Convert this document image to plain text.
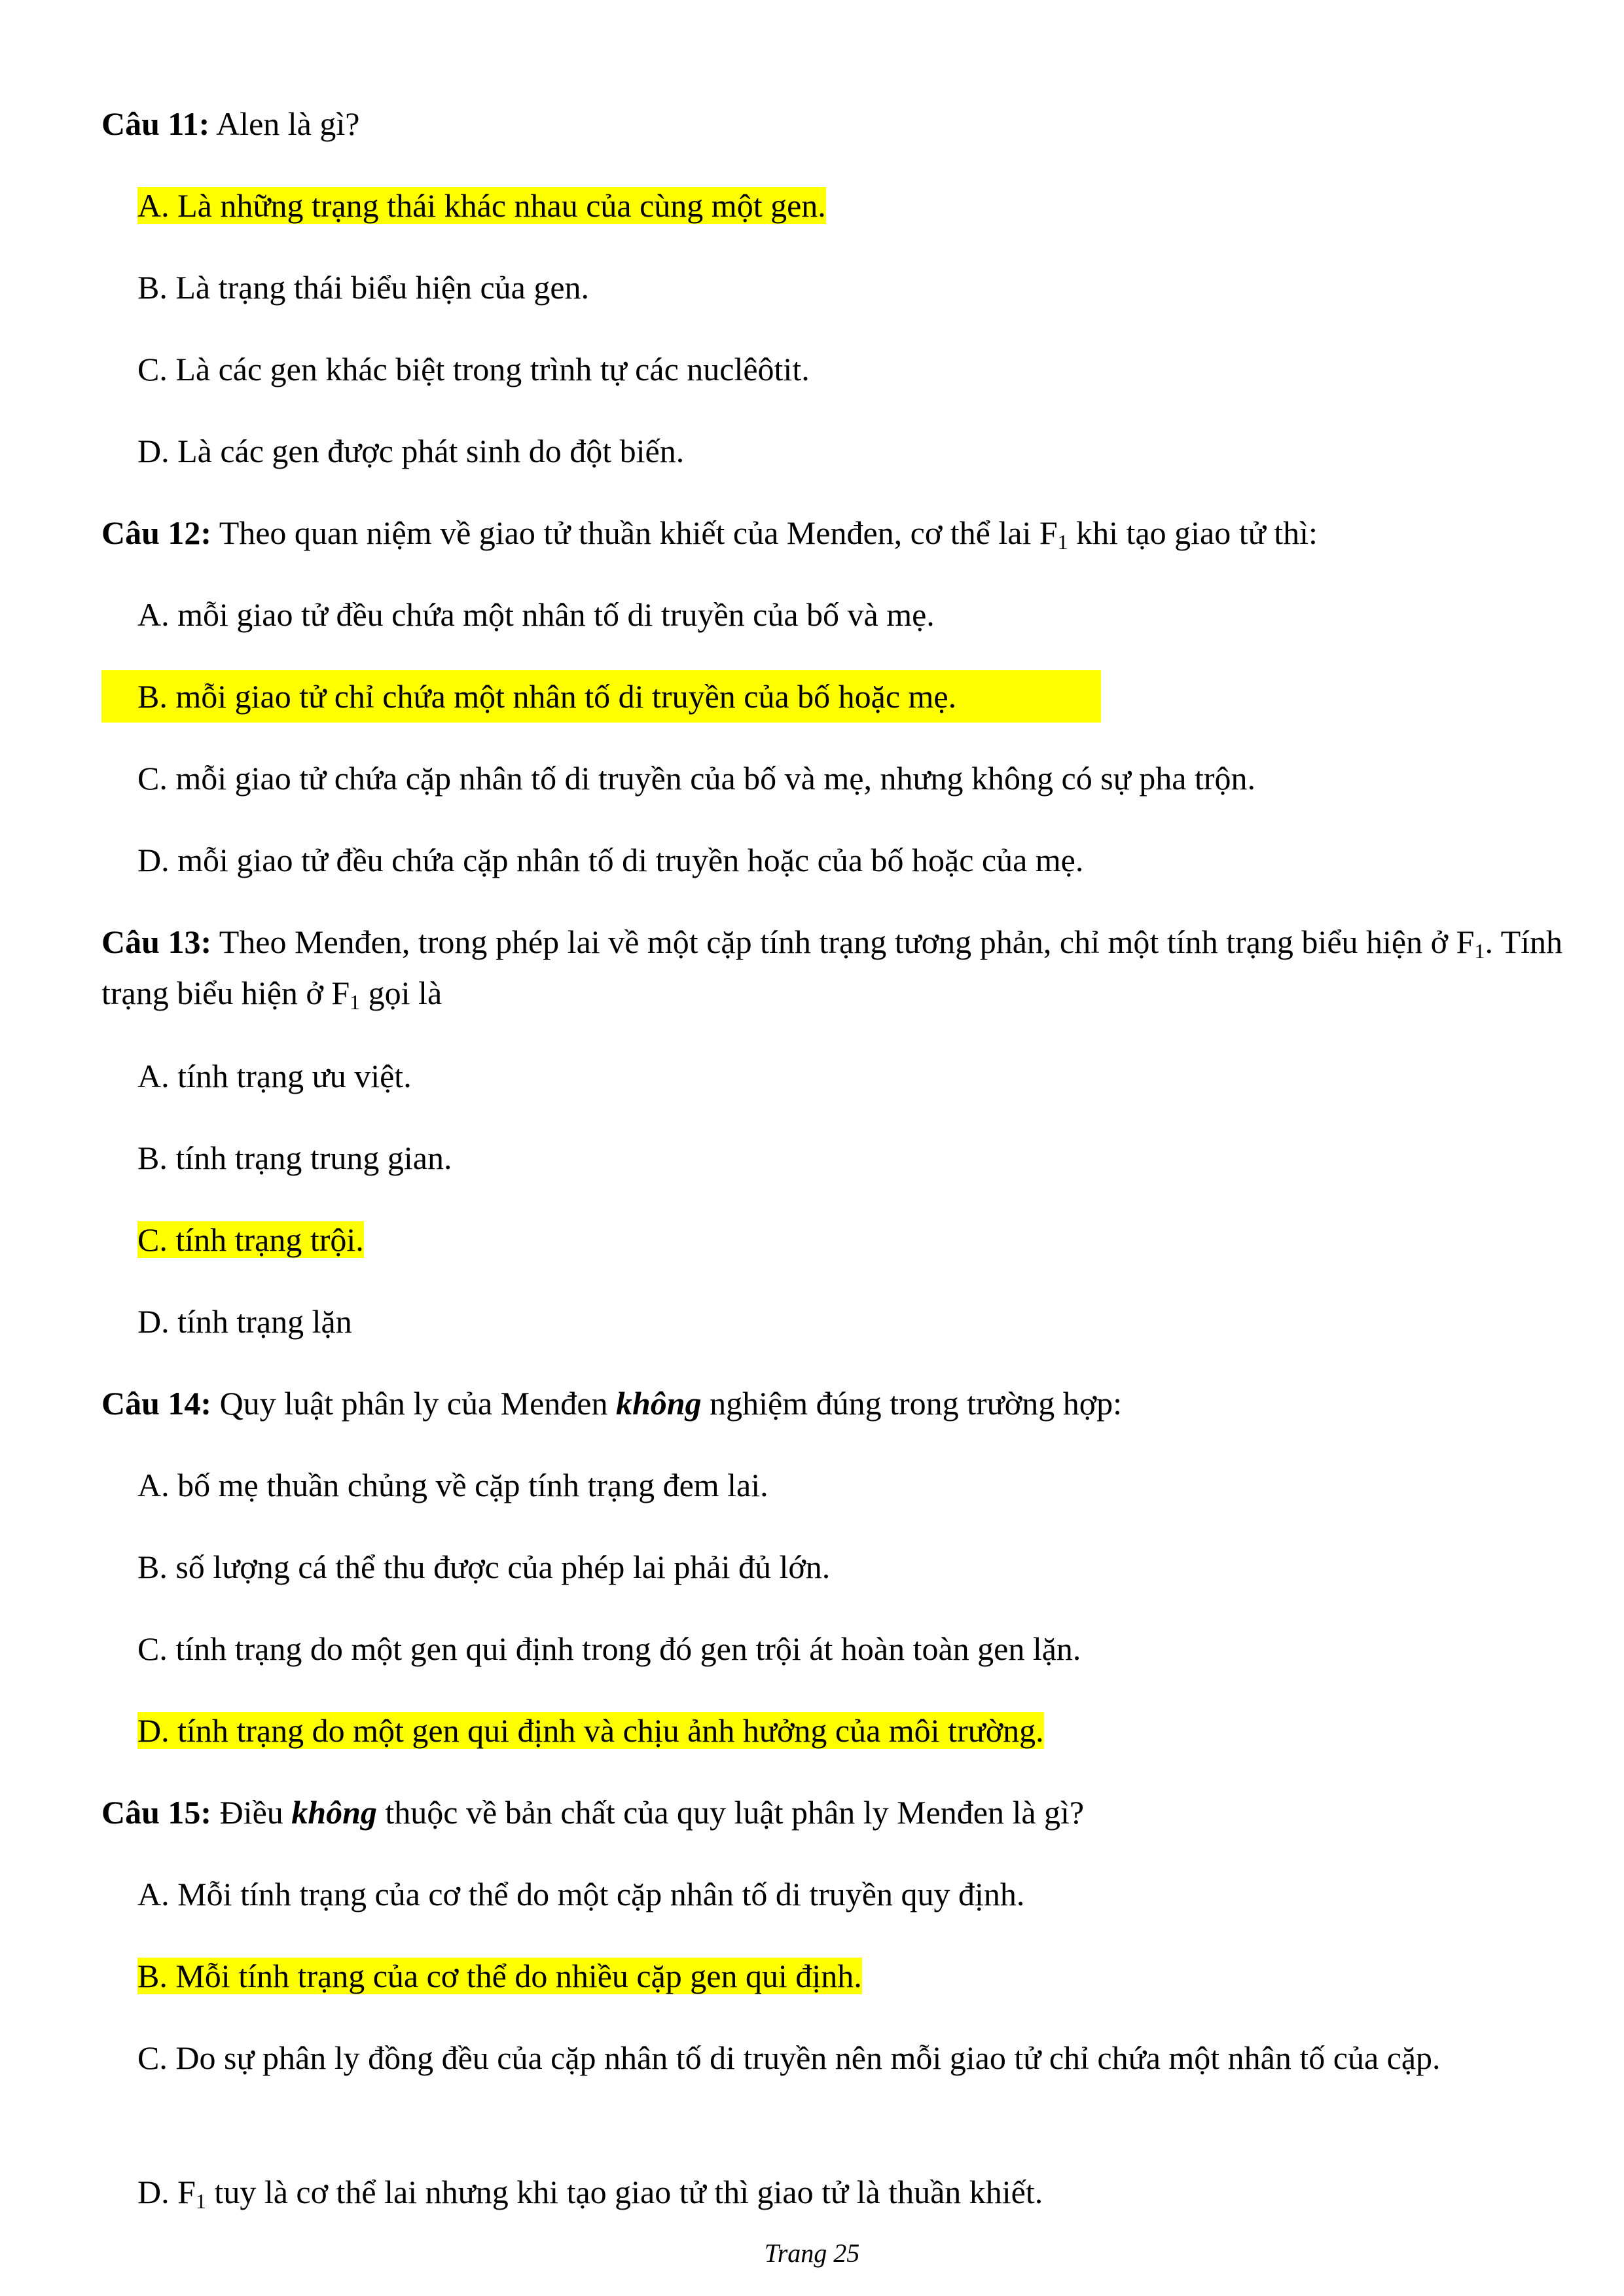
Câu 11: Alen là gì?

A. Là những trạng thái khác nhau của cùng một gen.

B. Là trạng thái biểu hiện của gen.

C. Là các gen khác biệt trong trình tự các nuclêôtit.

D. Là các gen được phát sinh do đột biến.

Câu 12: Theo quan niệm về giao tử thuần khiết của Menđen, cơ thể lai $F_1$ khi tạo giao tử thì:

A. mỗi giao tử đều chứa một nhân tố di truyền của bố và mẹ.

B. mỗi giao tử chỉ chứa một nhân tố di truyền của bố hoặc mẹ.

C. mỗi giao tử chứa cặp nhân tố di truyền của bố và mẹ, nhưng không có sự pha trộn.

D. mỗi giao tử đều chứa cặp nhân tố di truyền hoặc của bố hoặc của mẹ.

Câu 13: Theo Menđen, trong phép lai về một cặp tính trạng tương phản, chỉ một tính trạng biểu hiện ở $F_1$. Tính trạng biểu hiện ở $F_1$ gọi là

A. tính trạng ưu việt.

B. tính trạng trung gian.

C. tính trạng trội.

D. tính trạng lặn

Câu 14: Quy luật phân ly của Menđen không nghiệm đúng trong trường hợp:

A. bố mẹ thuần chủng về cặp tính trạng đem lai.

B. số lượng cá thể thu được của phép lai phải đủ lớn.

C. tính trạng do một gen qui định trong đó gen trội át hoàn toàn gen lặn.

D. tính trạng do một gen qui định và chịu ảnh hưởng của môi trường.

Câu 15: Điều không thuộc về bản chất của quy luật phân ly Menđen là gì?

A. Mỗi tính trạng của cơ thể do một cặp nhân tố di truyền quy định.

B. Mỗi tính trạng của cơ thể do nhiều cặp gen qui định.

C. Do sự phân ly đồng đều của cặp nhân tố di truyền nên mỗi giao tử chỉ chứa một nhân tố của cặp.

D. $F_1$ tuy là cơ thể lai nhưng khi tạo giao tử thì giao tử là thuần khiết.

Trang 25
